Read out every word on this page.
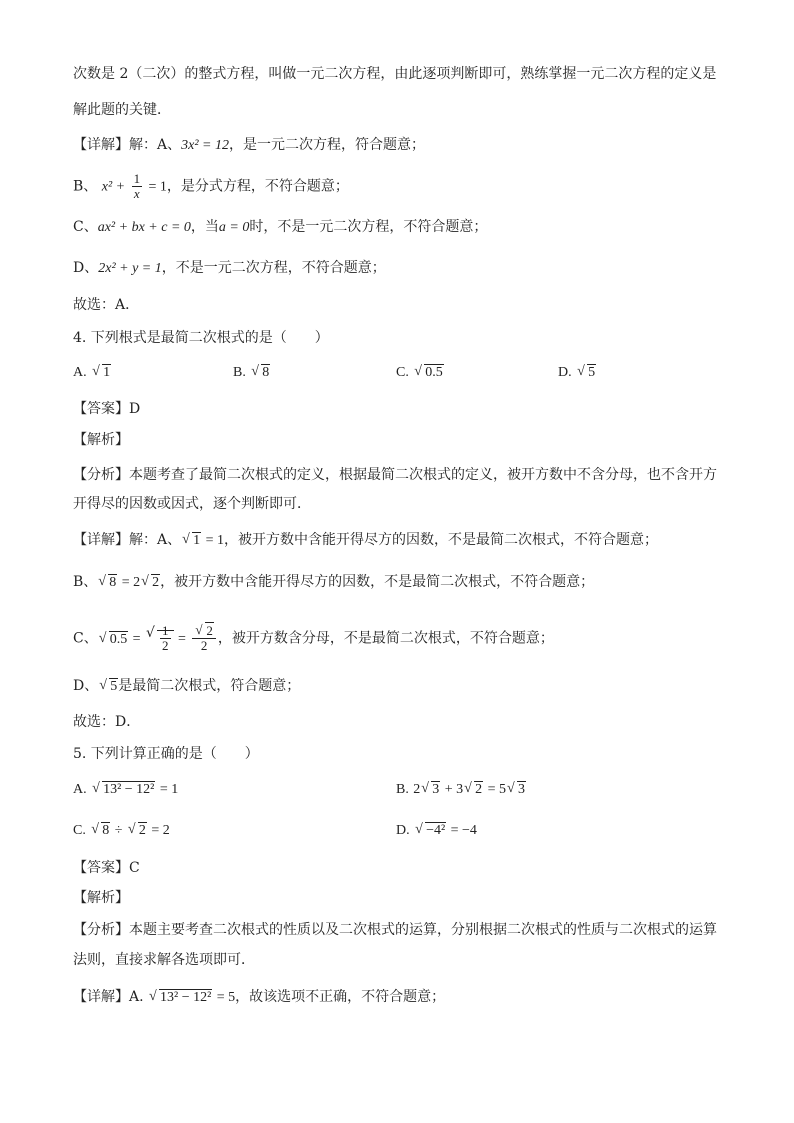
次数是 2（二次）的整式方程，叫做一元二次方程，由此逐项判断即可，熟练掌握一元二次方程的定义是
解此题的关键．
【详解】解：A、3x² = 12，是一元二次方程，符合题意；
B、 $x^2 + \frac{1}{x} = 1$，是分式方程，不符合题意；
C、ax² + bx + c = 0，当a = 0时，不是一元二次方程，不符合题意；
D、2x² + y = 1，不是一元二次方程，不符合题意；
故选：A．
4. 下列根式是最简二次根式的是（　　）
A. √ 1	B. √ 8	C. √ 0.5	D. √ 5
【答案】D
【解析】
【分析】本题考查了最简二次根式的定义，根据最简二次根式的定义，被开方数中不含分母，也不含开方
开得尽的因数或因式，逐个判断即可．
【详解】解：A、 √ 1 = 1，被开方数中含能开得尽方的因数，不是最简二次根式，不符合题意；
B、 √ 8 = 2 √ 2，被开方数中含能开得尽方的因数，不是最简二次根式，不符合题意；
C、 √ 0.5 = √ $\frac{1}{2}$ = √ $\frac{2}{2}$ ，被开方数含分母，不是最简二次根式，不符合题意；
D、 √ 5是最简二次根式，符合题意；
故选：D．
5. 下列计算正确的是（　　）
A. √ 13² − 12² = 1	B. 2 √ 3 + 3 √ 2 = 5 √ 3
C. √ 8 ÷ √ 2 = 2	D. √ −4² = −4
【答案】C
【解析】
【分析】本题主要考查二次根式的性质以及二次根式的运算，分别根据二次根式的性质与二次根式的运算
法则，直接求解各选项即可．
【详解】A. √ 13² − 12² = 5，故该选项不正确，不符合题意；
